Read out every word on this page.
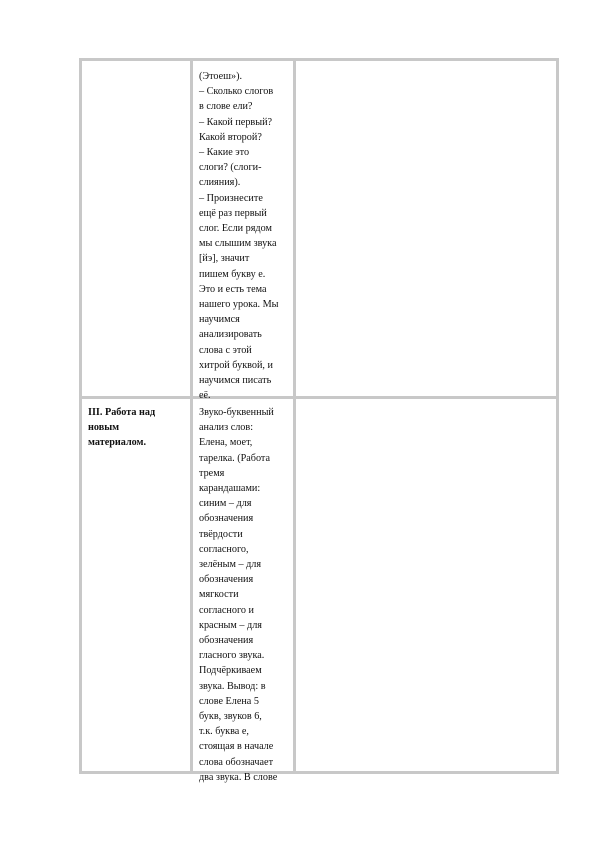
(Этоеш»).
– Сколько слогов
в слове ели?
– Какой первый?
Какой второй?
– Какие это
слоги? (слоги-
слияния).
– Произнесите
ещё раз первый
слог. Если рядом
мы слышим звука
[йэ], значит
пишем букву е.
Это и есть тема
нашего урока. Мы
научимся
анализировать
слова с этой
хитрой буквой, и
научимся писать
её.
III. Работа над
новым
материалом.
Звуко-буквенный
анализ слов:
Елена, моет,
тарелка. (Работа
тремя
карандашами:
синим – для
обозначения
твёрдости
согласного,
зелёным – для
обозначения
мягкости
согласного и
красным – для
обозначения
гласного звука.
Подчёркиваем
звука. Вывод: в
слове Елена 5
букв, звуков 6,
т.к. буква е,
стоящая в начале
слова обозначает
два звука. В слове
